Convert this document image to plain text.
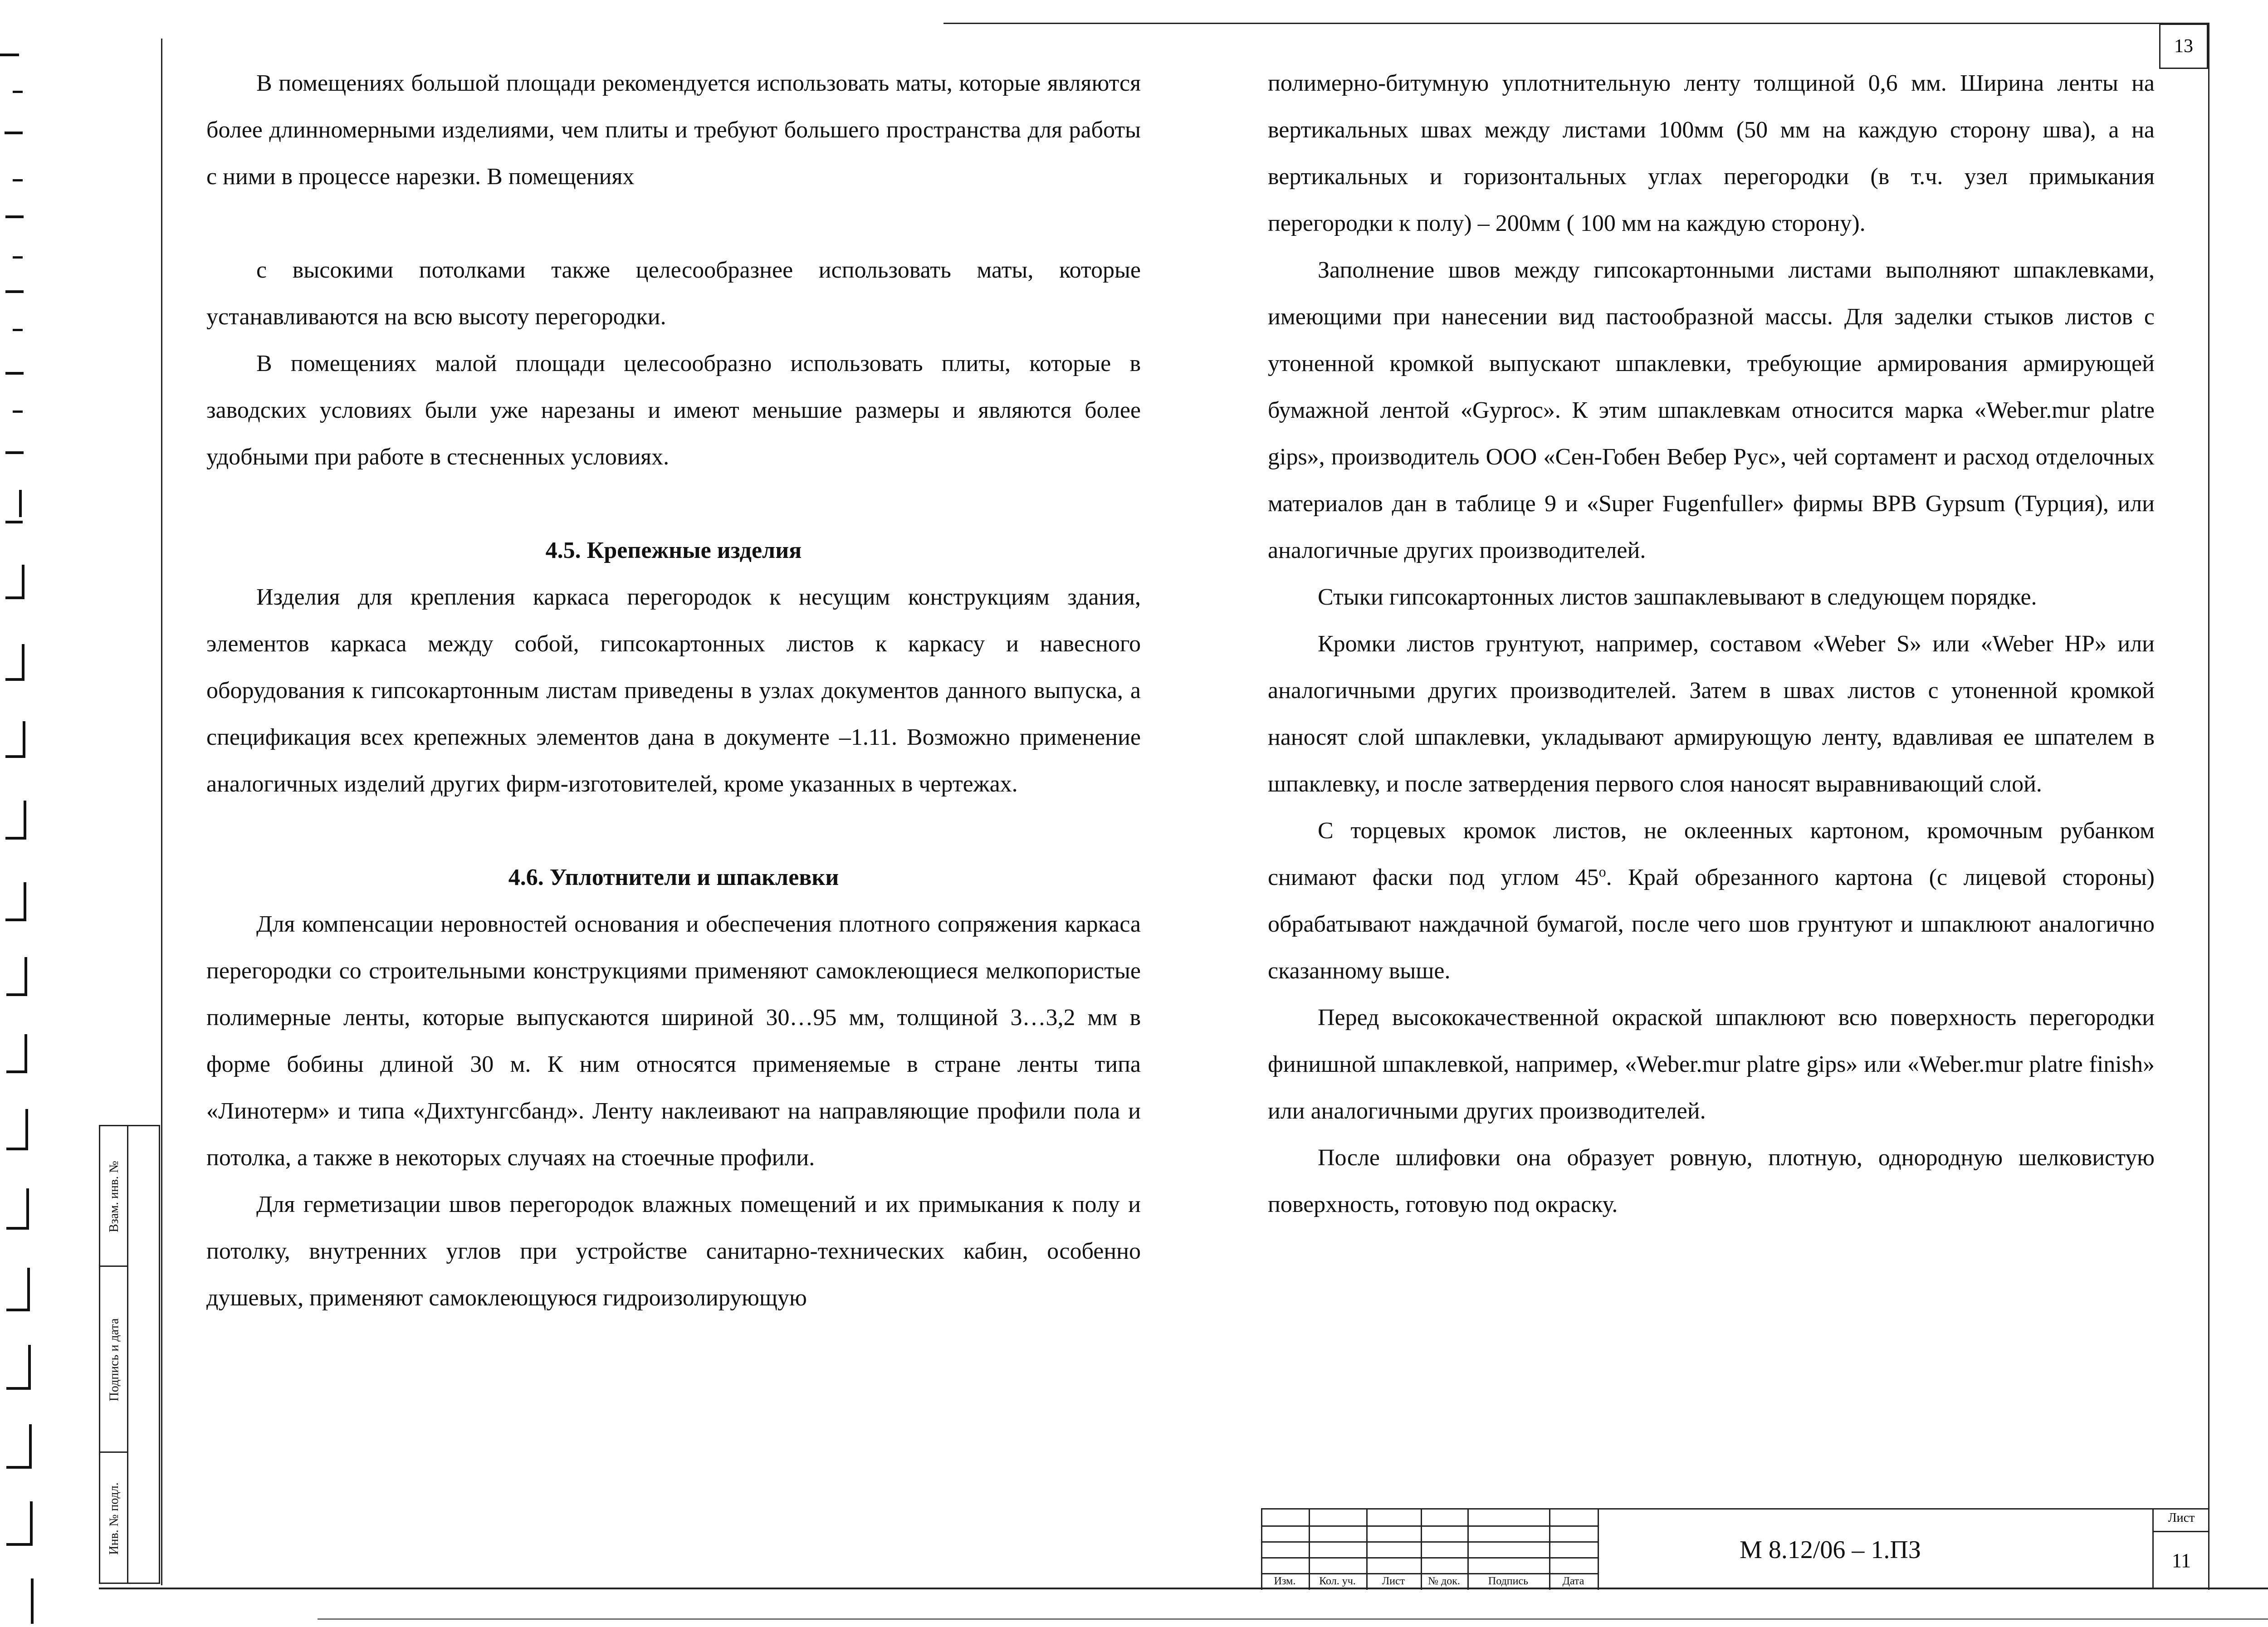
13

В помещениях большой площади рекомендуется использовать маты, которые являются более длинномерными изделиями, чем плиты и требуют большего пространства для работы с ними в процессе нарезки. В помещениях

с высокими потолками также целесообразнее использовать маты, которые устанавливаются на всю высоту перегородки.

В помещениях малой площади целесообразно использовать плиты, которые в заводских условиях были уже нарезаны и имеют меньшие размеры и являются более удобными при работе в стесненных условиях.

4.5. Крепежные изделия

Изделия для крепления каркаса перегородок к несущим конструкциям здания, элементов каркаса между собой, гипсокартонных листов к каркасу и навесного оборудования к гипсокартонным листам приведены в узлах документов данного выпуска, а спецификация всех крепежных элементов дана в документе –1.11. Возможно применение аналогичных изделий других фирм-изготовителей, кроме указанных в чертежах.

4.6. Уплотнители и шпаклевки

Для компенсации неровностей основания и обеспечения плотного сопряжения каркаса перегородки со строительными конструкциями применяют самоклеющиеся мелкопористые полимерные ленты, которые выпускаются шириной 30…95 мм, толщиной 3…3,2 мм в форме бобины длиной 30 м. К ним относятся применяемые в стране ленты типа «Линотерм» и типа «Дихтунгсбанд». Ленту наклеивают на направляющие профили пола и потолка, а также в некоторых случаях на стоечные профили.

Для герметизации швов перегородок влажных помещений и их примыкания к полу и потолку, внутренних углов при устройстве санитарно-технических кабин, особенно душевых, применяют самоклеющуюся гидроизолирующую

полимерно-битумную уплотнительную ленту толщиной 0,6 мм. Ширина ленты на вертикальных швах между листами 100мм (50 мм на каждую сторону шва), а на вертикальных и горизонтальных углах перегородки (в т.ч. узел примыкания перегородки к полу) – 200мм ( 100 мм на каждую сторону).

Заполнение швов между гипсокартонными листами выполняют шпаклевками, имеющими при нанесении вид пастообразной массы. Для заделки стыков листов с утоненной кромкой выпускают шпаклевки, требующие армирования армирующей бумажной лентой «Gyproc». К этим шпаклевкам относится марка «Weber.mur platre gips», производитель ООО «Сен-Гобен Вебер Рус», чей сортамент и расход отделочных материалов дан в таблице 9 и «Super Fugenfuller» фирмы BPB Gypsum (Турция), или аналогичные других производителей.

Стыки гипсокартонных листов зашпаклевывают в следующем порядке.

Кромки листов грунтуют, например, составом «Weber S» или «Weber HP» или аналогичными других производителей. Затем в швах листов с утоненной кромкой наносят слой шпаклевки, укладывают армирующую ленту, вдавливая ее шпателем в шпаклевку, и после затвердения первого слоя наносят выравнивающий слой.

С торцевых кромок листов, не оклеенных картоном, кромочным рубанком снимают фаски под углом 45$^o$. Край обрезанного картона (с лицевой стороны) обрабатывают наждачной бумагой, после чего шов грунтуют и шпаклюют аналогично сказанному выше.

Перед высококачественной окраской шпаклюют всю поверхность перегородки финишной шпаклевкой, например, «Weber.mur platre gips» или «Weber.mur platre finish» или аналогичными других производителей.

После шлифовки она образует ровную, плотную, однородную шелковистую поверхность, готовую под окраску.

Взам. инв. №
Подпись и дата
Инв. № подл.
Изм.	Кол. уч.	Лист	№ док.	Подпись	Дата
М 8.12/06 – 1.ПЗ
Лист
11
